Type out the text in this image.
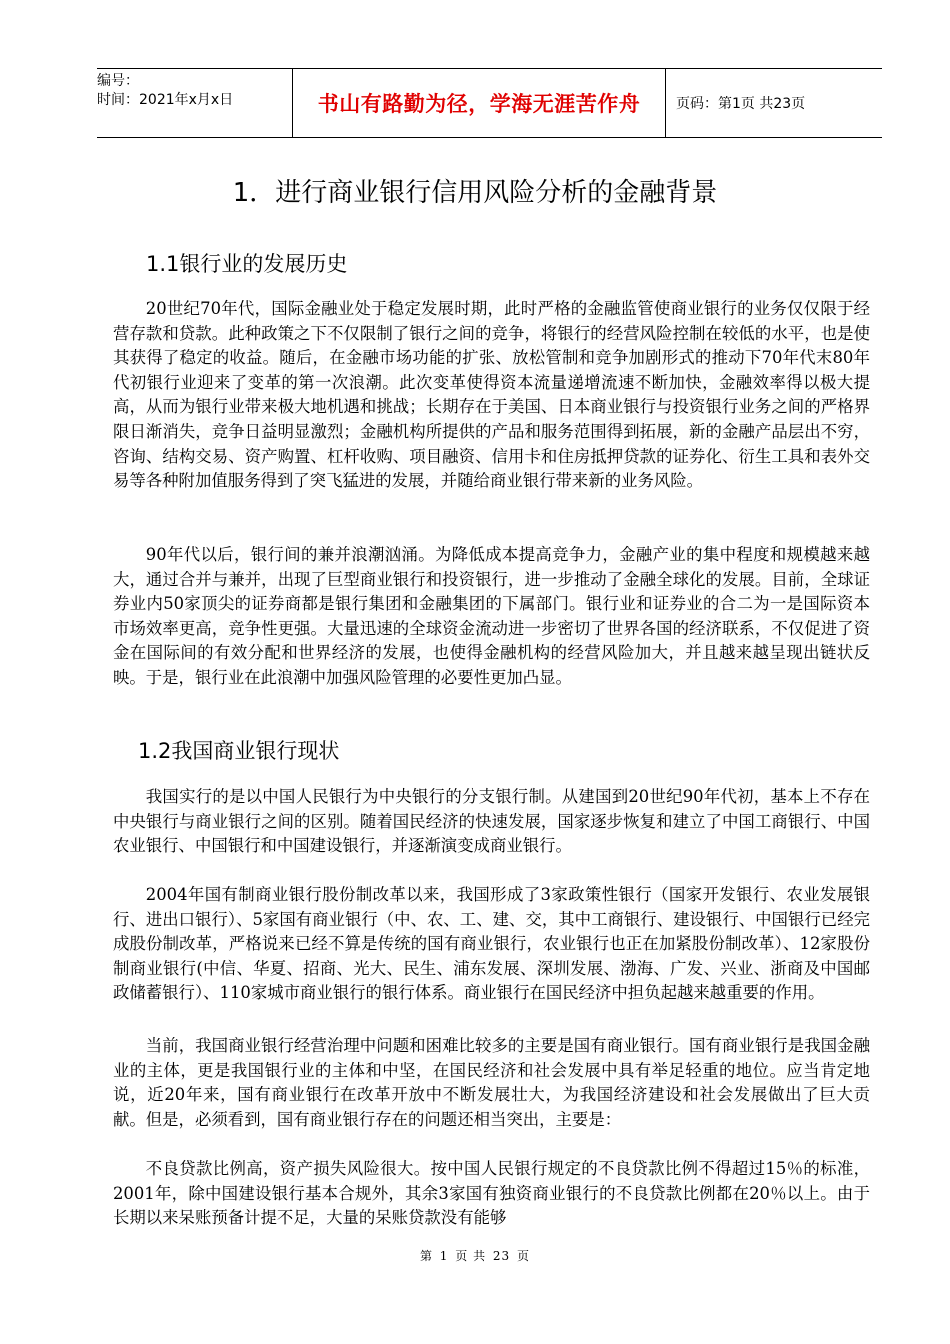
编号：
时间：2021年x月x日	书山有路勤为径，学海无涯苦作舟	页码：第1页 共23页
1．进行商业银行信用风险分析的金融背景
1.1银行业的发展历史

20世纪70年代，国际金融业处于稳定发展时期，此时严格的金融监管使商业银行的业务仅仅限于经营存款和贷款。此种政策之下不仅限制了银行之间的竞争，将银行的经营风险控制在较低的水平，也是使其获得了稳定的收益。随后，在金融市场功能的扩张、放松管制和竞争加剧形式的推动下70年代末80年代初银行业迎来了变革的第一次浪潮。此次变革使得资本流量递增流速不断加快，金融效率得以极大提高，从而为银行业带来极大地机遇和挑战；长期存在于美国、日本商业银行与投资银行业务之间的严格界限日渐消失，竞争日益明显激烈；金融机构所提供的产品和服务范围得到拓展，新的金融产品层出不穷，咨询、结构交易、资产购置、杠杆收购、项目融资、信用卡和住房抵押贷款的证券化、衍生工具和表外交易等各种附加值服务得到了突飞猛进的发展，并随给商业银行带来新的业务风险。

90年代以后，银行间的兼并浪潮汹涌。为降低成本提高竞争力，金融产业的集中程度和规模越来越大，通过合并与兼并，出现了巨型商业银行和投资银行，进一步推动了金融全球化的发展。目前，全球证券业内50家顶尖的证券商都是银行集团和金融集团的下属部门。银行业和证券业的合二为一是国际资本市场效率更高，竞争性更强。大量迅速的全球资金流动进一步密切了世界各国的经济联系，不仅促进了资金在国际间的有效分配和世界经济的发展，也使得金融机构的经营风险加大，并且越来越呈现出链状反映。于是，银行业在此浪潮中加强风险管理的必要性更加凸显。

1.2我国商业银行现状

我国实行的是以中国人民银行为中央银行的分支银行制。从建国到20世纪90年代初，基本上不存在中央银行与商业银行之间的区别。随着国民经济的快速发展，国家逐步恢复和建立了中国工商银行、中国农业银行、中国银行和中国建设银行，并逐渐演变成商业银行。

2004年国有制商业银行股份制改革以来，我国形成了3家政策性银行（国家开发银行、农业发展银行、进出口银行）、5家国有商业银行（中、农、工、建、交，其中工商银行、建设银行、中国银行已经完成股份制改革，严格说来已经不算是传统的国有商业银行，农业银行也正在加紧股份制改革）、12家股份制商业银行(中信、华夏、招商、光大、民生、浦东发展、深圳发展、渤海、广发、兴业、浙商及中国邮政储蓄银行）、110家城市商业银行的银行体系。商业银行在国民经济中担负起越来越重要的作用。

当前，我国商业银行经营治理中问题和困难比较多的主要是国有商业银行。国有商业银行是我国金融业的主体，更是我国银行业的主体和中坚，在国民经济和社会发展中具有举足轻重的地位。应当肯定地说，近20年来，国有商业银行在改革开放中不断发展壮大，为我国经济建设和社会发展做出了巨大贡献。但是，必须看到，国有商业银行存在的问题还相当突出，主要是：

不良贷款比例高，资产损失风险很大。按中国人民银行规定的不良贷款比例不得超过15％的标准，2001年，除中国建设银行基本合规外，其余3家国有独资商业银行的不良贷款比例都在20％以上。由于长期以来呆账预备计提不足，大量的呆账贷款没有能够

第 1 页 共 23 页
